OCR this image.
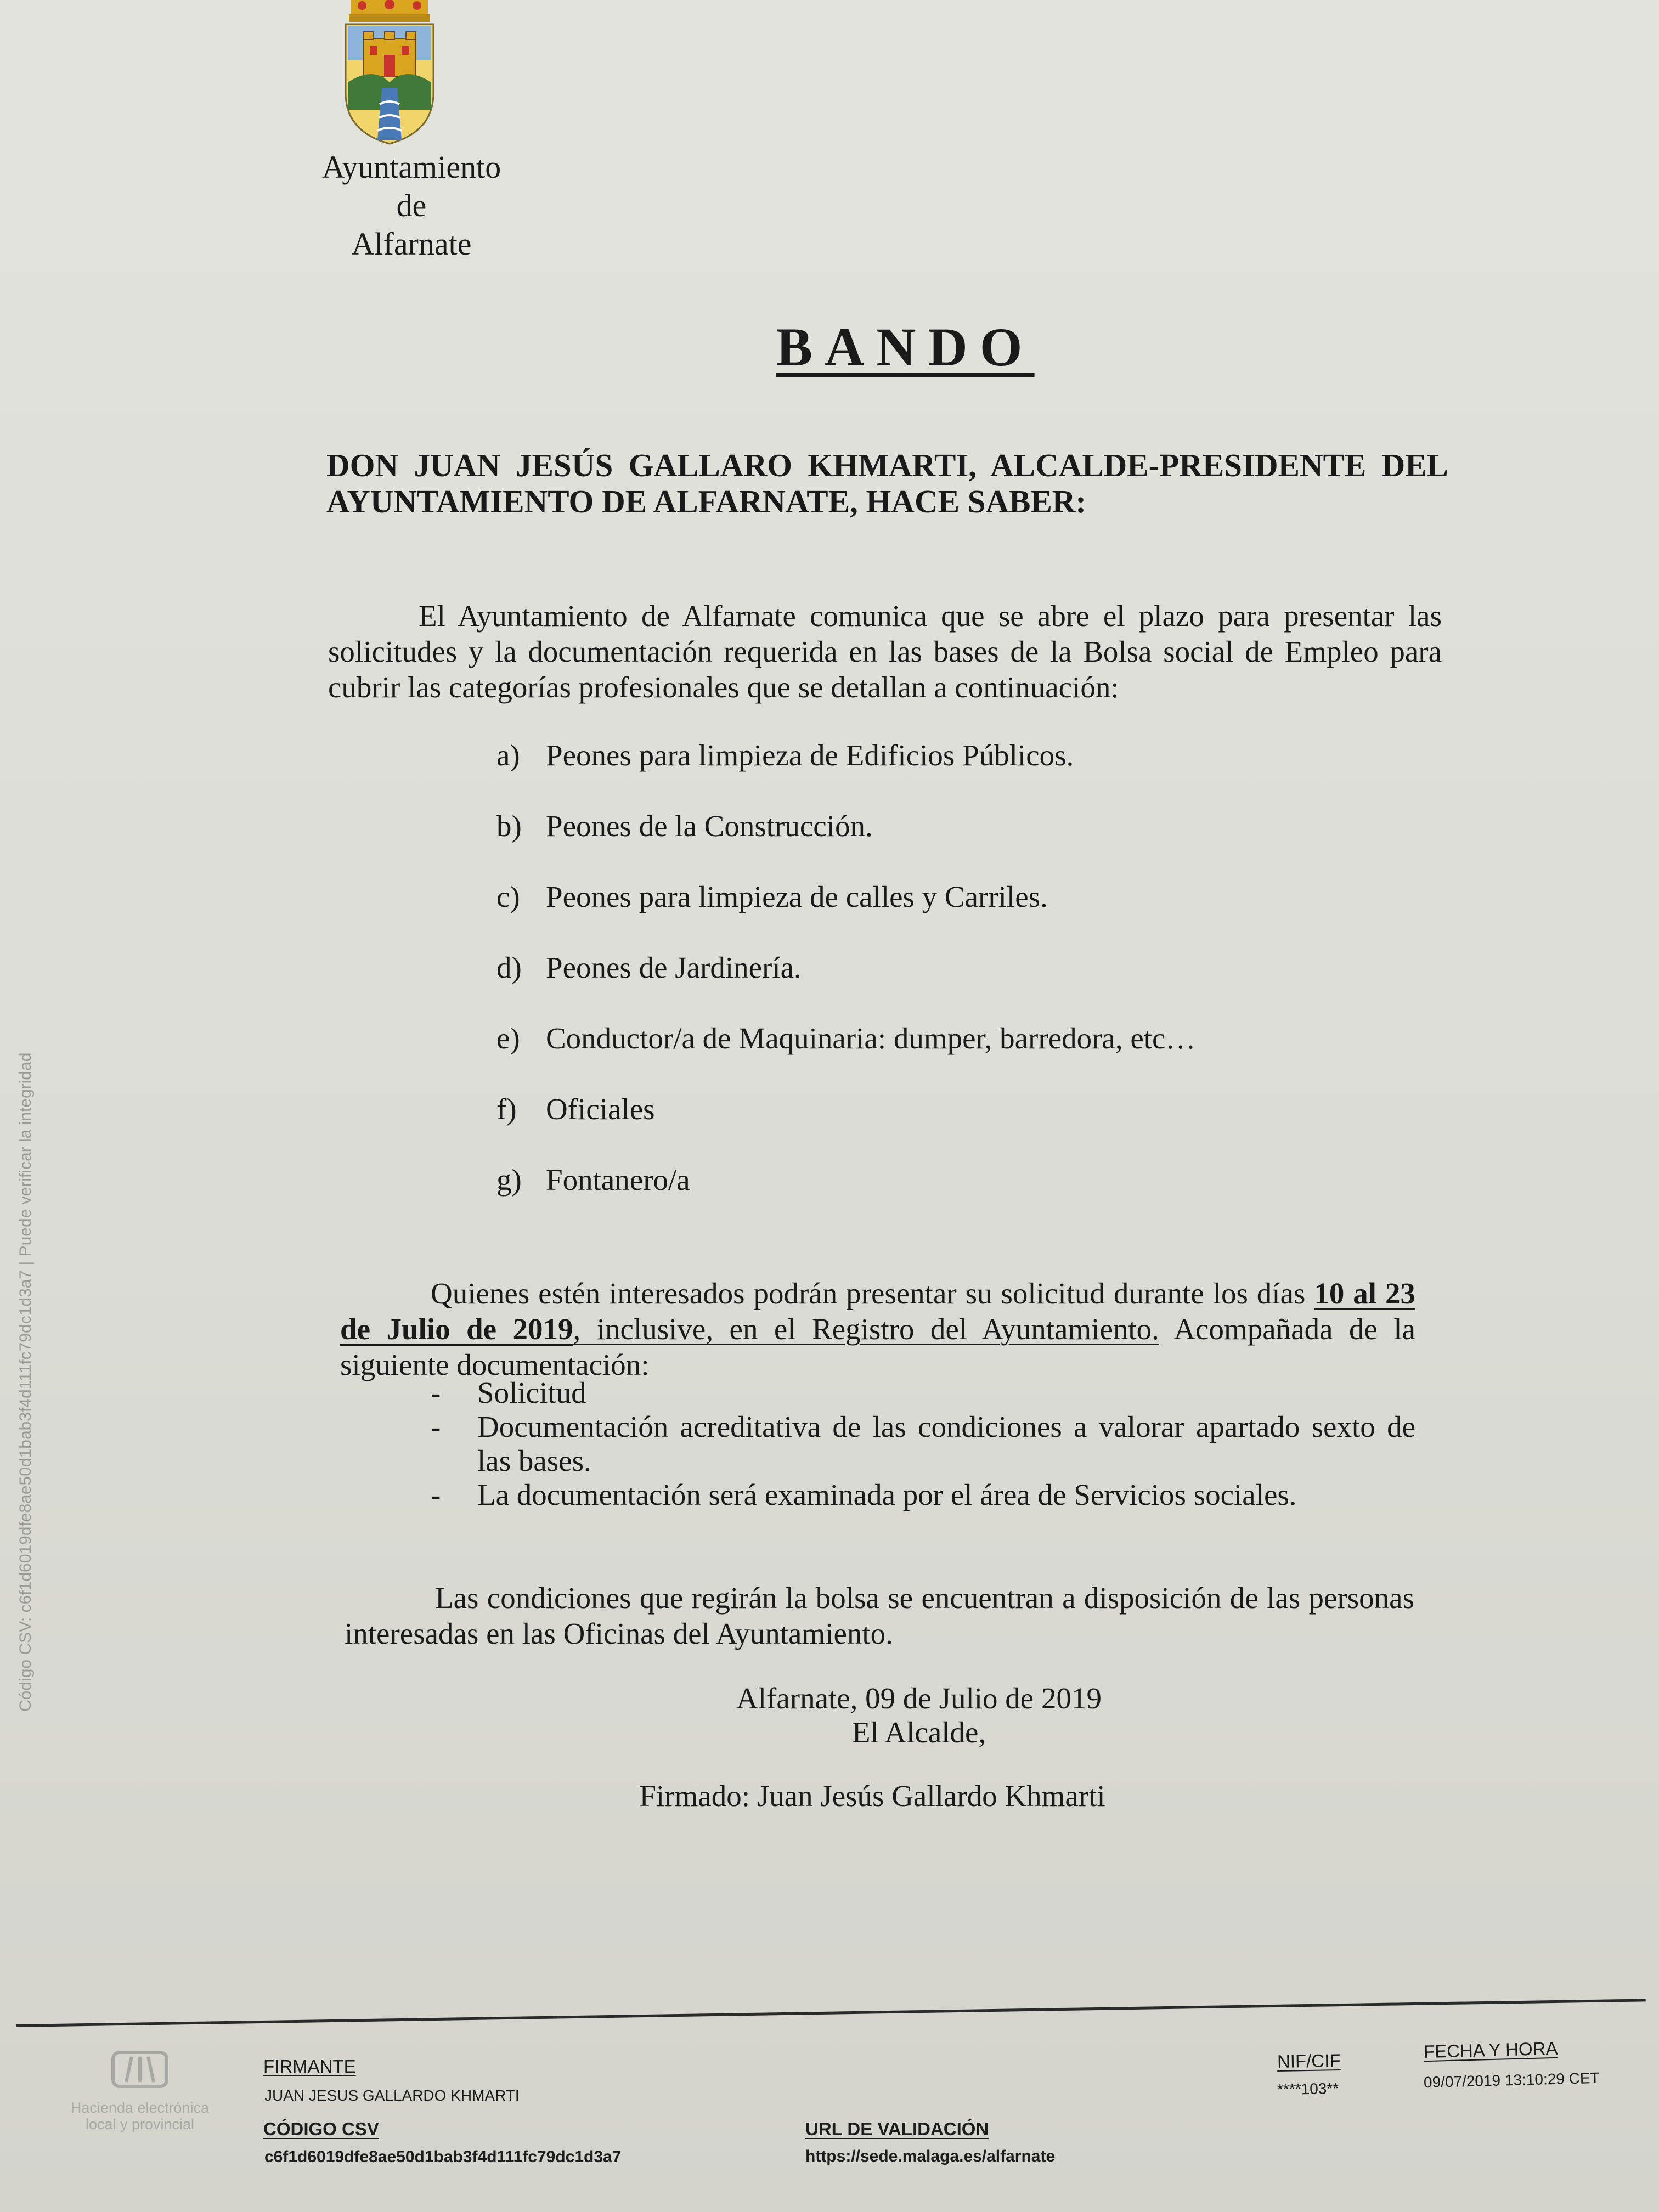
Ayuntamiento
de
Alfarnate
BANDO
DON JUAN JESÚS GALLARO KHMARTI, ALCALDE-PRESIDENTE DEL AYUNTAMIENTO DE ALFARNATE, HACE SABER:
El Ayuntamiento de Alfarnate comunica que se abre el plazo para presentar las solicitudes y la documentación requerida en las bases de la Bolsa social de Empleo para cubrir las categorías profesionales que se detallan a continuación:
a) Peones para limpieza de Edificios Públicos.
b) Peones de la Construcción.
c) Peones para limpieza de calles y Carriles.
d) Peones de Jardinería.
e) Conductor/a de Maquinaria: dumper, barredora, etc…
f) Oficiales
g) Fontanero/a
Quienes estén interesados podrán presentar su solicitud durante los días 10 al 23 de Julio de 2019, inclusive, en el Registro del Ayuntamiento. Acompañada de la siguiente documentación:
- Solicitud
- Documentación acreditativa de las condiciones a valorar apartado sexto de las bases.
- La documentación será examinada por el área de Servicios sociales.
Las condiciones que regirán la bolsa se encuentran a disposición de las personas interesadas en las Oficinas del Ayuntamiento.
Alfarnate, 09 de Julio de 2019
El Alcalde,
Firmado: Juan Jesús Gallardo Khmarti
Código CSV: c6f1d6019dfe8ae50d1bab3f4d111fc79dc1d3a7 | Puede verificar la integridad
Hacienda electrónica
local y provincial
FIRMANTE
JUAN JESUS GALLARDO KHMARTI
CÓDIGO CSV
c6f1d6019dfe8ae50d1bab3f4d111fc79dc1d3a7
URL DE VALIDACIÓN
https://sede.malaga.es/alfarnate
NIF/CIF
****103**
FECHA Y HORA
09/07/2019 13:10:29 CET
